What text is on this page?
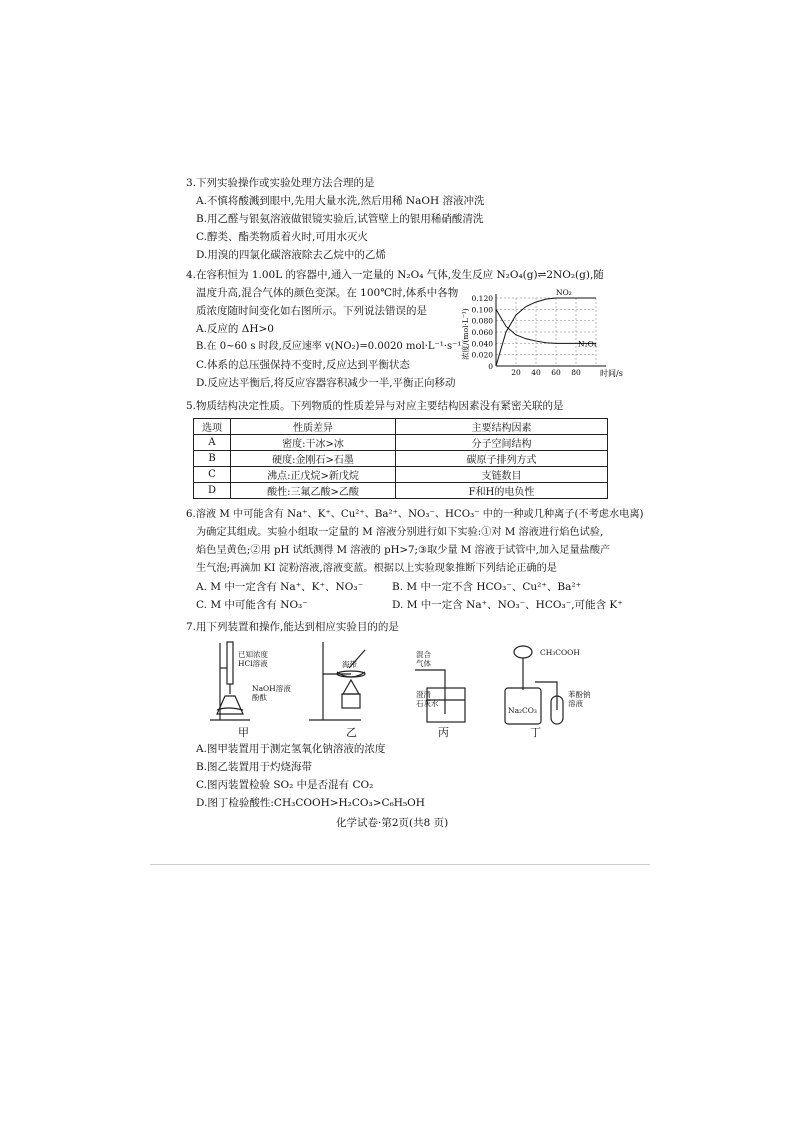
3.下列实验操作或实验处理方法合理的是
A.不慎将酸溅到眼中,先用大量水洗,然后用稀 NaOH 溶液冲洗
B.用乙醛与银氨溶液做银镜实验后,试管壁上的银用稀硝酸清洗
C.醇类、酯类物质着火时,可用水灭火
D.用溴的四氯化碳溶液除去乙烷中的乙烯
4.在容积恒为 1.00L 的容器中,通入一定量的 N₂O₄ 气体,发生反应 N₂O₄(g)⇌2NO₂(g),随
温度升高,混合气体的颜色变深。在 100℃时,体系中各物
质浓度随时间变化如右图所示。下列说法错误的是
A.反应的 ΔH>0
B.在 0~60 s 时段,反应速率 v(NO₂)=0.0020 mol·L⁻¹·s⁻¹
C.体系的总压强保持不变时,反应达到平衡状态
D.反应达平衡后,将反应容器容积减少一半,平衡正向移动
0.120
0.100
0.080
0.060
0.040
0.020
0
20 40 60 80 时间/s
浓度/(mol·L⁻¹)
NO₂
N₂O₄
5.物质结构决定性质。下列物质的性质差异与对应主要结构因素没有紧密关联的是
选项	性质差异	主要结构因素
A	密度:干冰>冰	分子空间结构
B	硬度:金刚石>石墨	碳原子排列方式
C	沸点:正戊烷>新戊烷	支链数目
D	酸性:三氟乙酸>乙酸	F和H的电负性
6.溶液 M 中可能含有 Na⁺、K⁺、Cu²⁺、Ba²⁺、NO₃⁻、HCO₃⁻ 中的一种或几种离子(不考虑水电离)
为确定其组成。实验小组取一定量的 M 溶液分别进行如下实验:①对 M 溶液进行焰色试验,
焰色呈黄色;②用 pH 试纸测得 M 溶液的 pH>7;③取少量 M 溶液于试管中,加入足量盐酸产
生气泡;再滴加 KI 淀粉溶液,溶液变蓝。根据以上实验现象推断下列结论正确的是
A. M 中一定含有 Na⁺、K⁺、NO₃⁻	B. M 中一定不含 HCO₃⁻、Cu²⁺、Ba²⁺
C. M 中可能含有 NO₃⁻	D. M 中一定含 Na⁺、NO₃⁻、HCO₃⁻,可能含 K⁺
7.用下列装置和操作,能达到相应实验目的的是
已知浓度
HCl溶液
NaOH溶液
酚酞
海带
混合
气体
澄清
石灰水
CH₃COOH
Na₂CO₃
苯酚钠
溶液
甲	乙	丙	丁
A.图甲装置用于测定氢氧化钠溶液的浓度
B.图乙装置用于灼烧海带
C.图丙装置检验 SO₂ 中是否混有 CO₂
D.图丁检验酸性:CH₃COOH>H₂CO₃>C₆H₅OH
化学试卷·第2页(共8 页)
